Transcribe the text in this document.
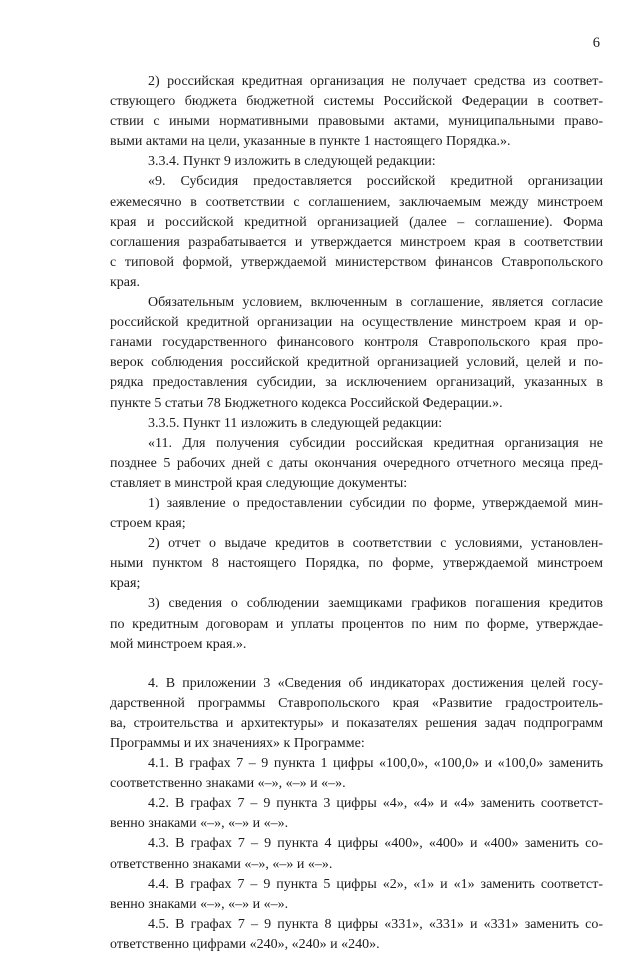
6
2) российская кредитная организация не получает средства из соответ-
ствующего бюджета бюджетной системы Российской Федерации в соответ-
ствии с иными нормативными правовыми актами, муниципальными право-
выми актами на цели, указанные в пункте 1 настоящего Порядка.».
3.3.4. Пункт 9 изложить в следующей редакции:
«9. Субсидия предоставляется российской кредитной организации
ежемесячно в соответствии с соглашением, заключаемым между минстроем
края и российской кредитной организацией (далее – соглашение). Форма
соглашения разрабатывается и утверждается минстроем края в соответствии
с типовой формой, утверждаемой министерством финансов Ставропольского
края.
Обязательным условием, включенным в соглашение, является согласие
российской кредитной организации на осуществление минстроем края и ор-
ганами государственного финансового контроля Ставропольского края про-
верок соблюдения российской кредитной организацией условий, целей и по-
рядка предоставления субсидии, за исключением организаций, указанных в
пункте 5 статьи 78 Бюджетного кодекса Российской Федерации.».
3.3.5. Пункт 11 изложить в следующей редакции:
«11. Для получения субсидии российская кредитная организация не
позднее 5 рабочих дней с даты окончания очередного отчетного месяца пред-
ставляет в минстрой края следующие документы:
1) заявление о предоставлении субсидии по форме, утверждаемой мин-
строем края;
2) отчет о выдаче кредитов в соответствии с условиями, установлен-
ными пунктом 8 настоящего Порядка, по форме, утверждаемой минстроем
края;
3) сведения о соблюдении заемщиками графиков погашения кредитов
по кредитным договорам и уплаты процентов по ним по форме, утверждае-
мой минстроем края.».
4. В приложении 3 «Сведения об индикаторах достижения целей госу-
дарственной программы Ставропольского края «Развитие градостроитель-
ва, строительства и архитектуры» и показателях решения задач подпрограмм
Программы и их значениях» к Программе:
4.1. В графах 7 – 9 пункта 1 цифры «100,0», «100,0» и «100,0» заменить
соответственно знаками «–», «–» и «–».
4.2. В графах 7 – 9 пункта 3 цифры «4», «4» и «4» заменить соответст-
венно знаками «–», «–» и «–».
4.3. В графах 7 – 9 пункта 4 цифры «400», «400» и «400» заменить со-
ответственно знаками «–», «–» и «–».
4.4. В графах 7 – 9 пункта 5 цифры «2», «1» и «1» заменить соответст-
венно знаками «–», «–» и «–».
4.5. В графах 7 – 9 пункта 8 цифры «331», «331» и «331» заменить со-
ответственно цифрами «240», «240» и «240».
